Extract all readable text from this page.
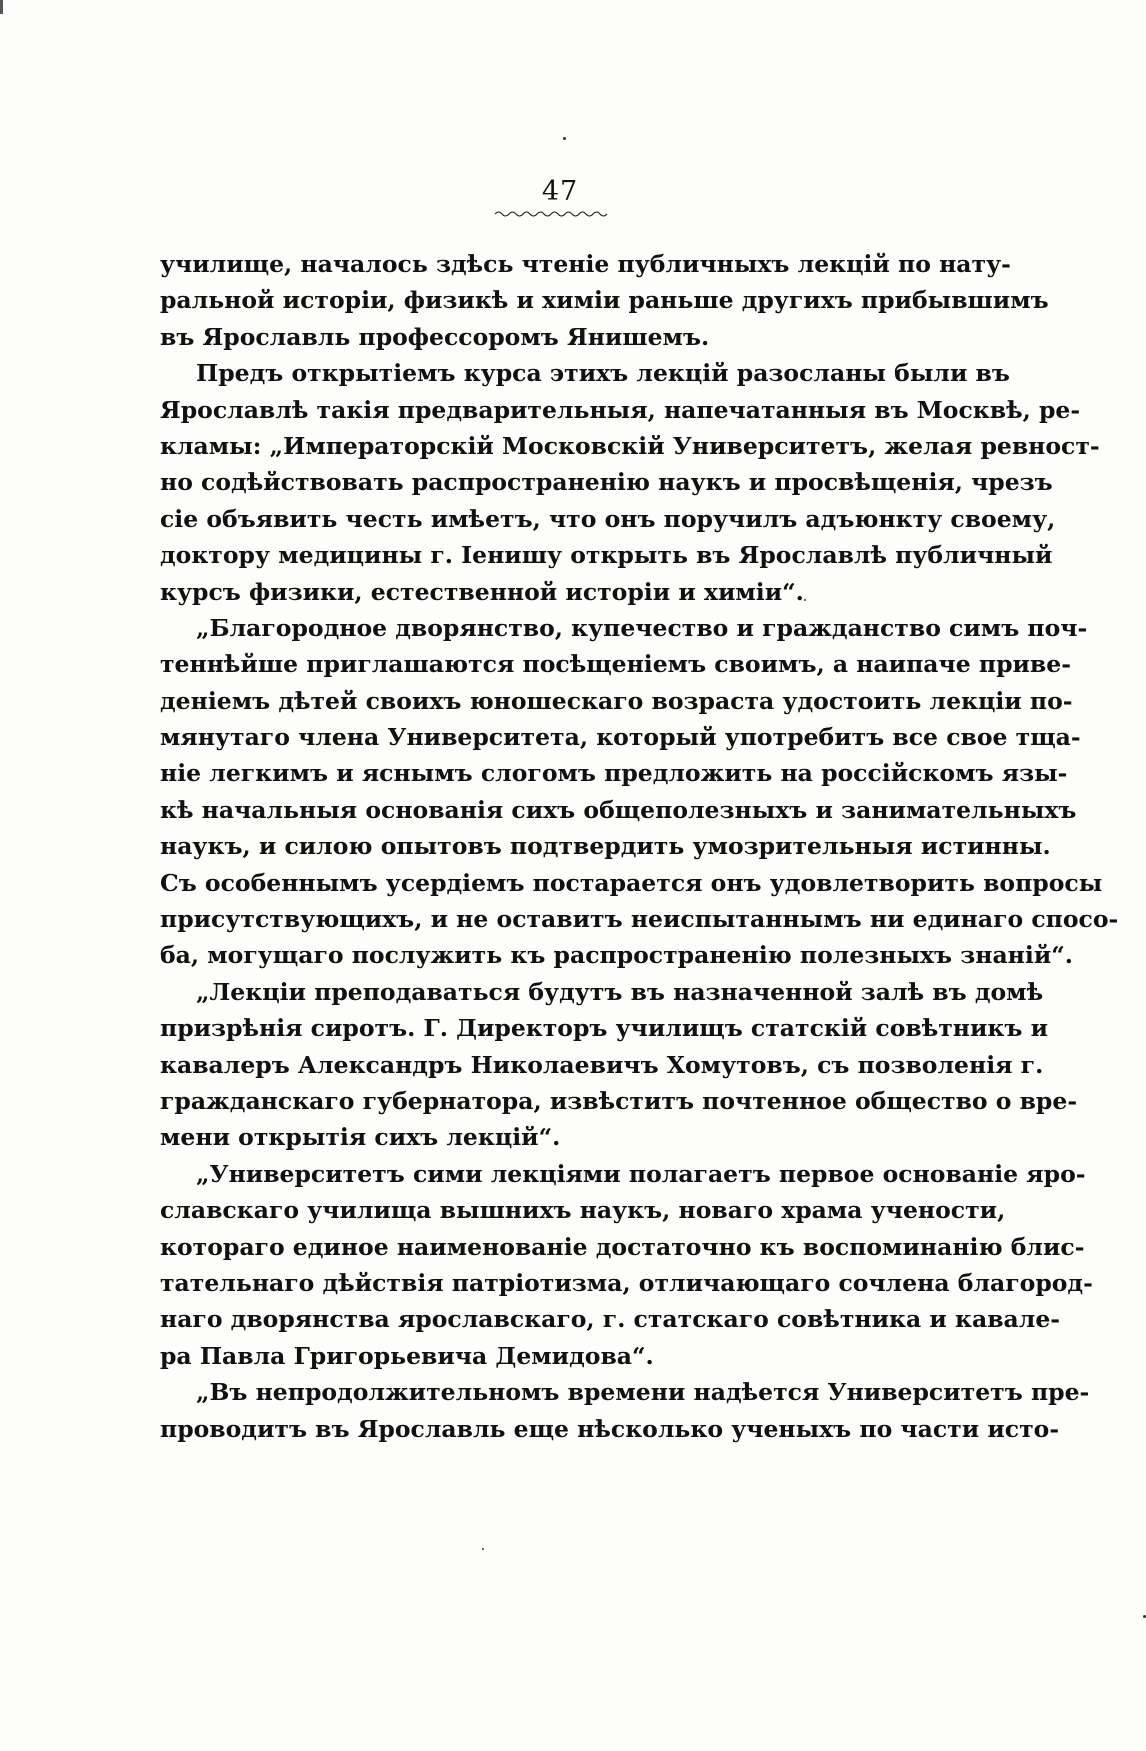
47
училище, началось здѣсь чтеніе публичныхъ лекцій по нату-
ральной исторіи, физикѣ и химіи раньше другихъ прибывшимъ
въ Ярославль профессоромъ Янишемъ.
Предъ открытіемъ курса этихъ лекцій разосланы были въ
Ярославлѣ такія предварительныя, напечатанныя въ Москвѣ, ре-
кламы: „Императорскій Московскій Университетъ, желая ревност-
но содѣйствовать распространенію наукъ и просвѣщенія, чрезъ
сіе объявить честь имѣетъ, что онъ поручилъ адъюнкту своему,
доктору медицины г. Іенишу открыть въ Ярославлѣ публичный
курсъ физики, естественной исторіи и химіи“.
„Благородное дворянство, купечество и гражданство симъ поч-
теннѣйше приглашаются посѣщеніемъ своимъ, а наипаче приве-
деніемъ дѣтей своихъ юношескаго возраста удостоить лекціи по-
мянутаго члена Университета, который употребитъ все свое тща-
ніе легкимъ и яснымъ слогомъ предложить на россійскомъ язы-
кѣ начальныя основанія сихъ общеполезныхъ и занимательныхъ
наукъ, и силою опытовъ подтвердить умозрительныя истинны.
Съ особеннымъ усердіемъ постарается онъ удовлетворить вопросы
присутствующихъ, и не оставитъ неиспытаннымъ ни единаго спосо-
ба, могущаго послужить къ распространенію полезныхъ знаній“.
„Лекціи преподаваться будутъ въ назначенной залѣ въ домѣ
призрѣнія сиротъ. Г. Директоръ училищъ статскій совѣтникъ и
кавалеръ Александръ Николаевичъ Хомутовъ, съ позволенія г.
гражданскаго губернатора, извѣститъ почтенное общество о вре-
мени открытія сихъ лекцій“.
„Университетъ сими лекціями полагаетъ первое основаніе яро-
славскаго училища вышнихъ наукъ, новаго храма учености,
котораго единое наименованіе достаточно къ воспоминанію блис-
тательнаго дѣйствія патріотизма, отличающаго сочлена благород-
наго дворянства ярославскаго, г. статскаго совѣтника и кавале-
ра Павла Григорьевича Демидова“.
„Въ непродолжительномъ времени надѣется Университетъ пре-
проводитъ въ Ярославль еще нѣсколько ученыхъ по части исто-
